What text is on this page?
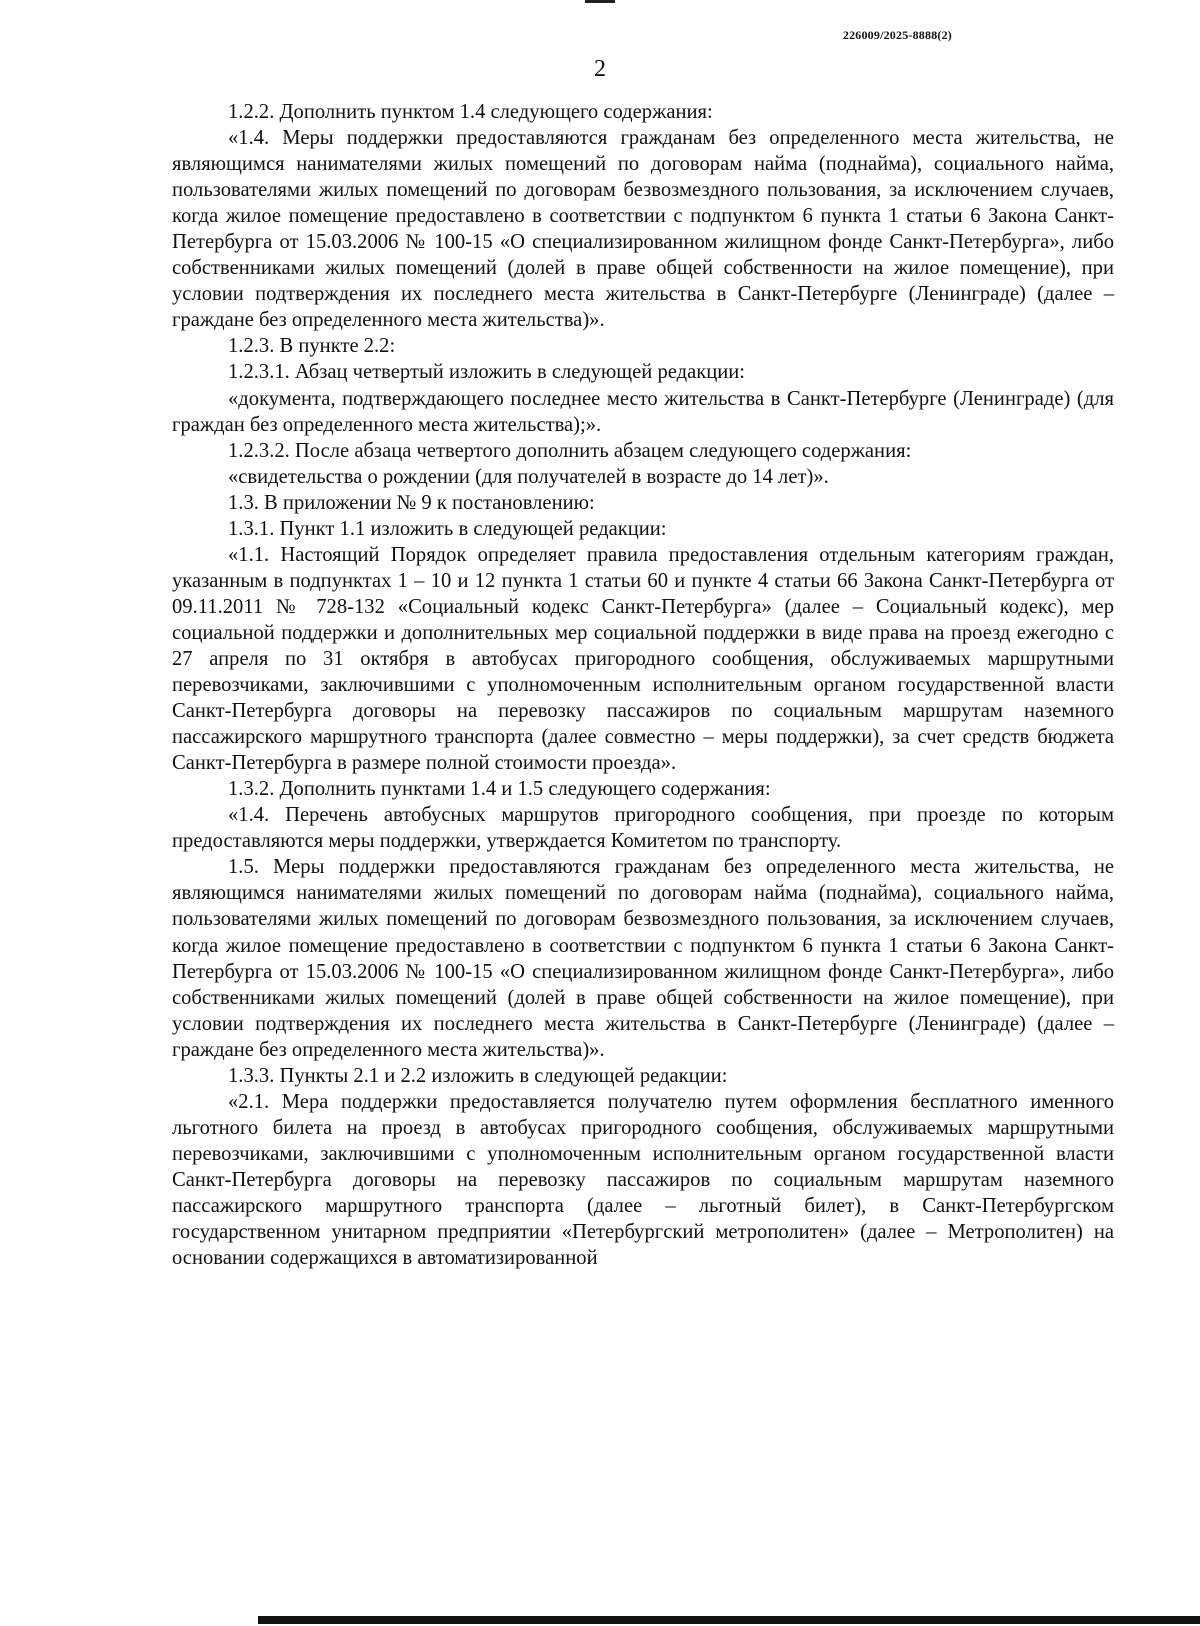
226009/2025-8888(2)
2

1.2.2. Дополнить пунктом 1.4 следующего содержания:

«1.4. Меры поддержки предоставляются гражданам без определенного места жительства, не являющимся нанимателями жилых помещений по договорам найма (поднайма), социального найма, пользователями жилых помещений по договорам безвозмездного пользования, за исключением случаев, когда жилое помещение предоставлено в соответствии с подпунктом 6 пункта 1 статьи 6 Закона Санкт-Петербурга от 15.03.2006 № 100-15 «О специализированном жилищном фонде Санкт-Петербурга», либо собственниками жилых помещений (долей в праве общей собственности на жилое помещение), при условии подтверждения их последнего места жительства в Санкт-Петербурге (Ленинграде) (далее – граждане без определенного места жительства)».

1.2.3. В пункте 2.2:

1.2.3.1. Абзац четвертый изложить в следующей редакции:

«документа, подтверждающего последнее место жительства в Санкт-Петербурге (Ленинграде) (для граждан без определенного места жительства);».

1.2.3.2. После абзаца четвертого дополнить абзацем следующего содержания:

«свидетельства о рождении (для получателей в возрасте до 14 лет)».

1.3. В приложении № 9 к постановлению:

1.3.1. Пункт 1.1 изложить в следующей редакции:

«1.1. Настоящий Порядок определяет правила предоставления отдельным категориям граждан, указанным в подпунктах 1 – 10 и 12 пункта 1 статьи 60 и пункте 4 статьи 66 Закона Санкт-Петербурга от 09.11.2011 № 728-132 «Социальный кодекс Санкт-Петербурга» (далее – Социальный кодекс), мер социальной поддержки и дополнительных мер социальной поддержки в виде права на проезд ежегодно с 27 апреля по 31 октября в автобусах пригородного сообщения, обслуживаемых маршрутными перевозчиками, заключившими с уполномоченным исполнительным органом государственной власти Санкт-Петербурга договоры на перевозку пассажиров по социальным маршрутам наземного пассажирского маршрутного транспорта (далее совместно – меры поддержки), за счет средств бюджета Санкт-Петербурга в размере полной стоимости проезда».

1.3.2. Дополнить пунктами 1.4 и 1.5 следующего содержания:

«1.4. Перечень автобусных маршрутов пригородного сообщения, при проезде по которым предоставляются меры поддержки, утверждается Комитетом по транспорту.

1.5. Меры поддержки предоставляются гражданам без определенного места жительства, не являющимся нанимателями жилых помещений по договорам найма (поднайма), социального найма, пользователями жилых помещений по договорам безвозмездного пользования, за исключением случаев, когда жилое помещение предоставлено в соответствии с подпунктом 6 пункта 1 статьи 6 Закона Санкт-Петербурга от 15.03.2006 № 100-15 «О специализированном жилищном фонде Санкт-Петербурга», либо собственниками жилых помещений (долей в праве общей собственности на жилое помещение), при условии подтверждения их последнего места жительства в Санкт-Петербурге (Ленинграде) (далее – граждане без определенного места жительства)».

1.3.3. Пункты 2.1 и 2.2 изложить в следующей редакции:

«2.1. Мера поддержки предоставляется получателю путем оформления бесплатного именного льготного билета на проезд в автобусах пригородного сообщения, обслуживаемых маршрутными перевозчиками, заключившими с уполномоченным исполнительным органом государственной власти Санкт-Петербурга договоры на перевозку пассажиров по социальным маршрутам наземного пассажирского маршрутного транспорта (далее – льготный билет), в Санкт-Петербургском государственном унитарном предприятии «Петербургский метрополитен» (далее – Метрополитен) на основании содержащихся в автоматизированной
